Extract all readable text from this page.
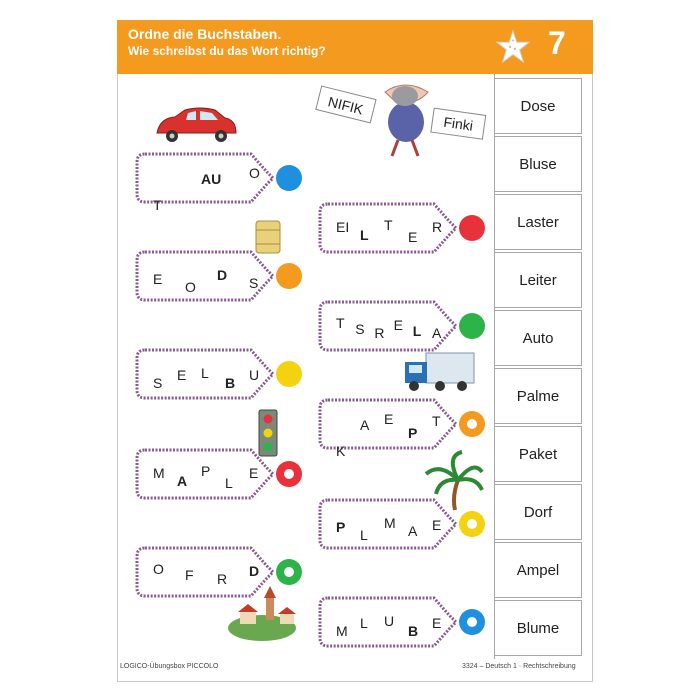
Ordne die Buchstaben.
Wie schreibst du das Wort richtig?	7
Dose
Bluse
Laster
Leiter
Auto
Palme
Paket
Dorf
Ampel
Blume
NIFIK
Finki
T
AU O
EI L
T
E
R
E O
D S
T S R E L A
S E L
B U
K
A E
P
T
M A
P
L
E
P L
M A E
O F R D
M L U
B E
LOGICO-Übungsbox PICCOLO	3324 – Deutsch 1 · Rechtschreibung
